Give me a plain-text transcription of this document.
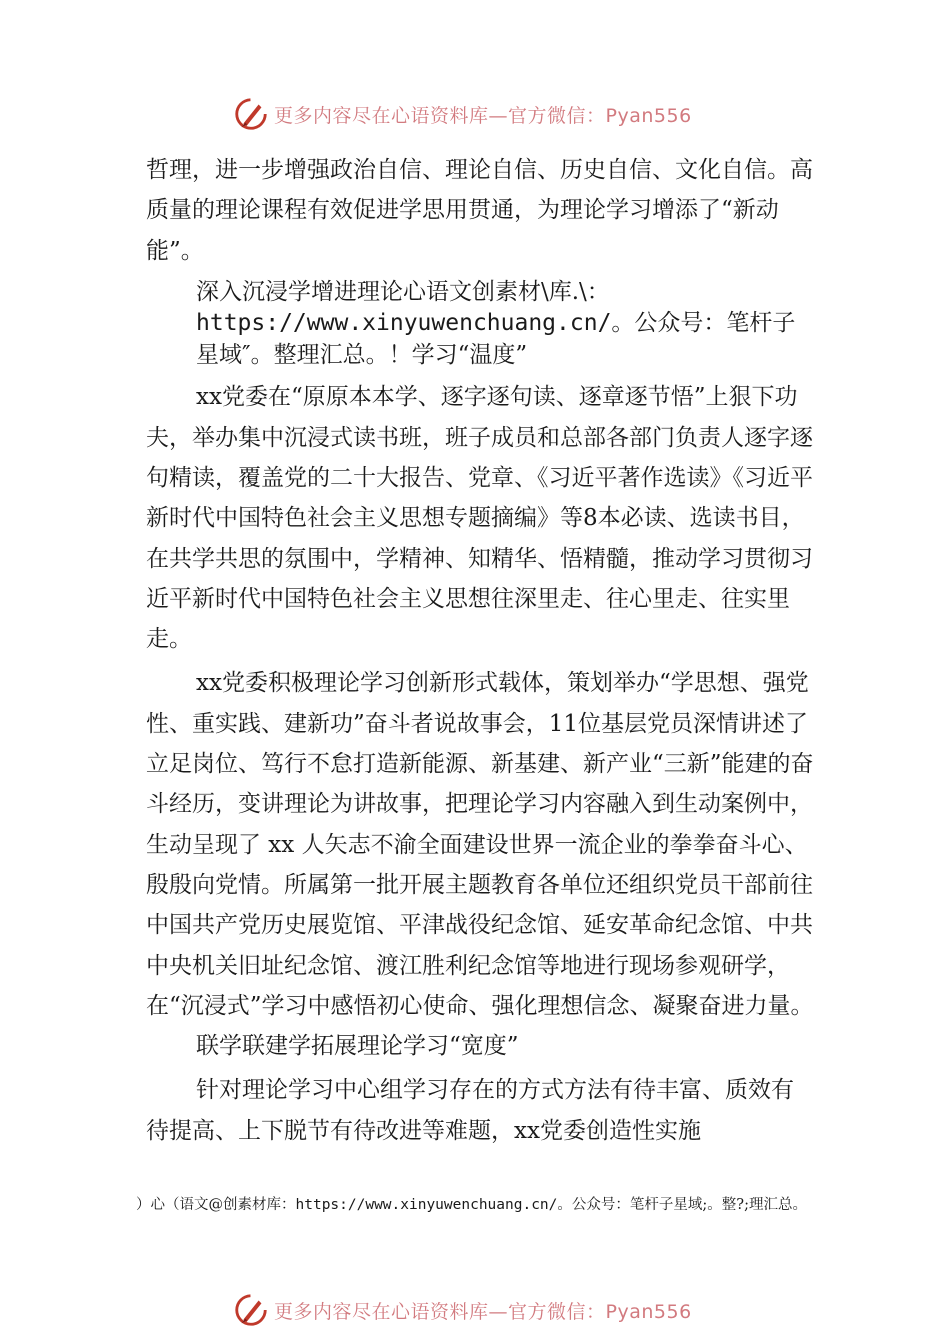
更多内容尽在心语资料库—官方微信：Pyan556

哲理，进一步增强政治自信、理论自信、历史自信、文化自信。高质量的理论课程有效促进学思用贯通，为理论学习增添了“新动能”。

深入沉浸学增进理论心语文创素材\库.\：https://www.xinyuwenchuang.cn/。公众号：笔杆子星域″。整理汇总。！学习“温度”

xx党委在“原原本本学、逐字逐句读、逐章逐节悟”上狠下功夫，举办集中沉浸式读书班，班子成员和总部各部门负责人逐字逐句精读，覆盖党的二十大报告、党章、《习近平著作选读》《习近平新时代中国特色社会主义思想专题摘编》等8本必读、选读书目，在共学共思的氛围中，学精神、知精华、悟精髓，推动学习贯彻习近平新时代中国特色社会主义思想往深里走、往心里走、往实里走。

xx党委积极理论学习创新形式载体，策划举办“学思想、强党性、重实践、建新功”奋斗者说故事会，11位基层党员深情讲述了立足岗位、笃行不怠打造新能源、新基建、新产业“三新”能建的奋斗经历，变讲理论为讲故事，把理论学习内容融入到生动案例中，生动呈现了 xx 人矢志不渝全面建设世界一流企业的拳拳奋斗心、殷殷向党情。所属第一批开展主题教育各单位还组织党员干部前往中国共产党历史展览馆、平津战役纪念馆、延安革命纪念馆、中共中央机关旧址纪念馆、渡江胜利纪念馆等地进行现场参观研学，在“沉浸式”学习中感悟初心使命、强化理想信念、凝聚奋进力量。

联学联建学拓展理论学习“宽度”

针对理论学习中心组学习存在的方式方法有待丰富、质效有待提高、上下脱节有待改进等难题，xx党委创造性实施

）心（语文@创素材库：https://www.xinyuwenchuang.cn/。公众号：笔杆子星域;。整?;理汇总。
更多内容尽在心语资料库—官方微信：Pyan556
